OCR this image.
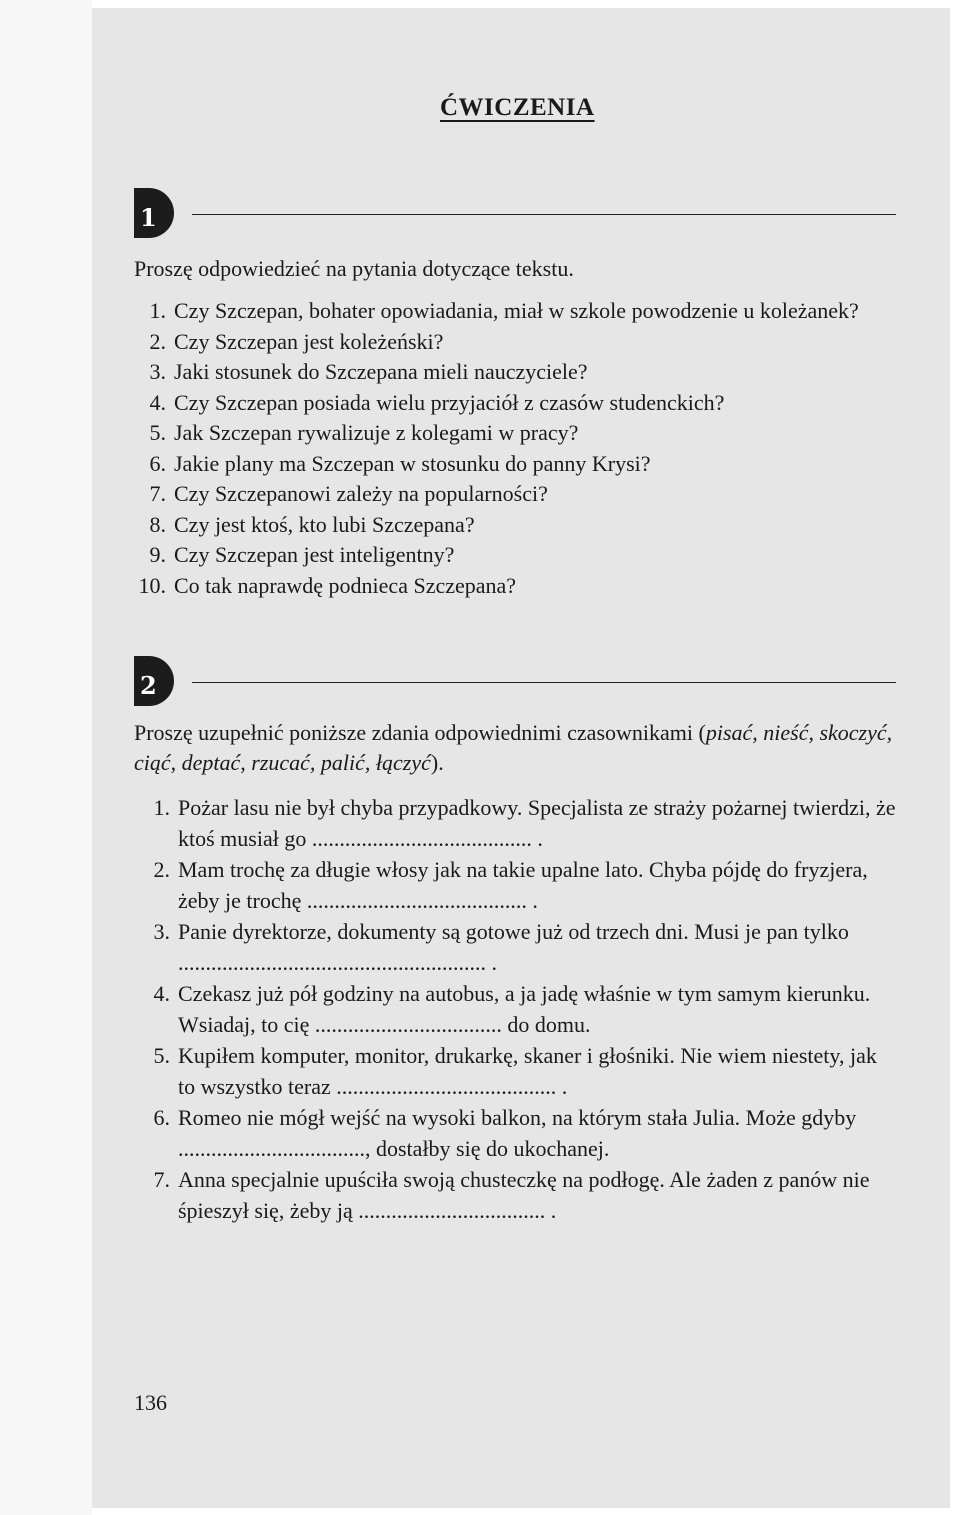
ĆWICZENIA
1
Proszę odpowiedzieć na pytania dotyczące tekstu.
1. Czy Szczepan, bohater opowiadania, miał w szkole powodzenie u koleżanek?
2. Czy Szczepan jest koleżeński?
3. Jaki stosunek do Szczepana mieli nauczyciele?
4. Czy Szczepan posiada wielu przyjaciół z czasów studenckich?
5. Jak Szczepan rywalizuje z kolegami w pracy?
6. Jakie plany ma Szczepan w stosunku do panny Krysi?
7. Czy Szczepanowi zależy na popularności?
8. Czy jest ktoś, kto lubi Szczepana?
9. Czy Szczepan jest inteligentny?
10. Co tak naprawdę podnieca Szczepana?
2
Proszę uzupełnić poniższe zdania odpowiednimi czasownikami (pisać, nieść, skoczyć, ciąć, deptać, rzucać, palić, łączyć).
1. Pożar lasu nie był chyba przypadkowy. Specjalista ze straży pożarnej twierdzi, że ktoś musiał go ........................................ .
2. Mam trochę za długie włosy jak na takie upalne lato. Chyba pójdę do fryzjera, żeby je trochę ........................................ .
3. Panie dyrektorze, dokumenty są gotowe już od trzech dni. Musi je pan tylko ........................................................ .
4. Czekasz już pół godziny na autobus, a ja jadę właśnie w tym samym kierunku. Wsiadaj, to cię .................................. do domu.
5. Kupiłem komputer, monitor, drukarkę, skaner i głośniki. Nie wiem niestety, jak to wszystko teraz ........................................ .
6. Romeo nie mógł wejść na wysoki balkon, na którym stała Julia. Może gdyby .................................., dostałby się do ukochanej.
7. Anna specjalnie upuściła swoją chusteczkę na podłogę. Ale żaden z panów nie śpieszył się, żeby ją .................................. .
136
